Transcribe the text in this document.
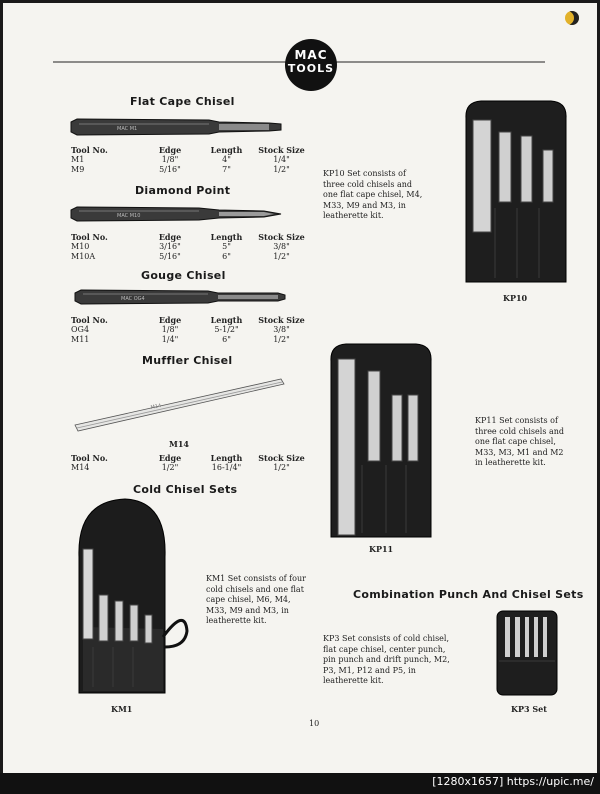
MAC
TOOLS
Flat Cape Chisel
MAC M1
Tool No.	Edge	Length	Stock Size
M1	1/8"	4"	1/4"
M9	5/16"	7"	1/2"
Diamond Point
MAC M10
Tool No.	Edge	Length	Stock Size
M10	3/16"	5"	3/8"
M10A	5/16"	6"	1/2"
Gouge Chisel
MAC OG4
Tool No.	Edge	Length	Stock Size
OG4	1/8"	5-1/2"	3/8"
M11	1/4"	6"	1/2"
Muffler Chisel
M14
M14
Tool No.	Edge	Length	Stock Size
M14	1/2"	16-1/4"	1/2"
Cold Chisel Sets
KM1
KM1 Set consists of four cold chisels and one flat cape chisel, M6, M4, M33, M9 and M3, in leatherette kit.
KP10
KP10 Set consists of three cold chisels and one flat cape chisel, M4, M33, M9 and M3, in leatherette kit.
KP11
KP11 Set consists of three cold chisels and one flat cape chisel, M33, M3, M1 and M2 in leatherette kit.
Combination Punch And Chisel Sets
KP3 Set consists of cold chisel, flat cape chisel, center punch, pin punch and drift punch, M2, P3, M1, P12 and P5, in leatherette kit.
KP3 Set
10
[1280x1657] https://upic.me/
